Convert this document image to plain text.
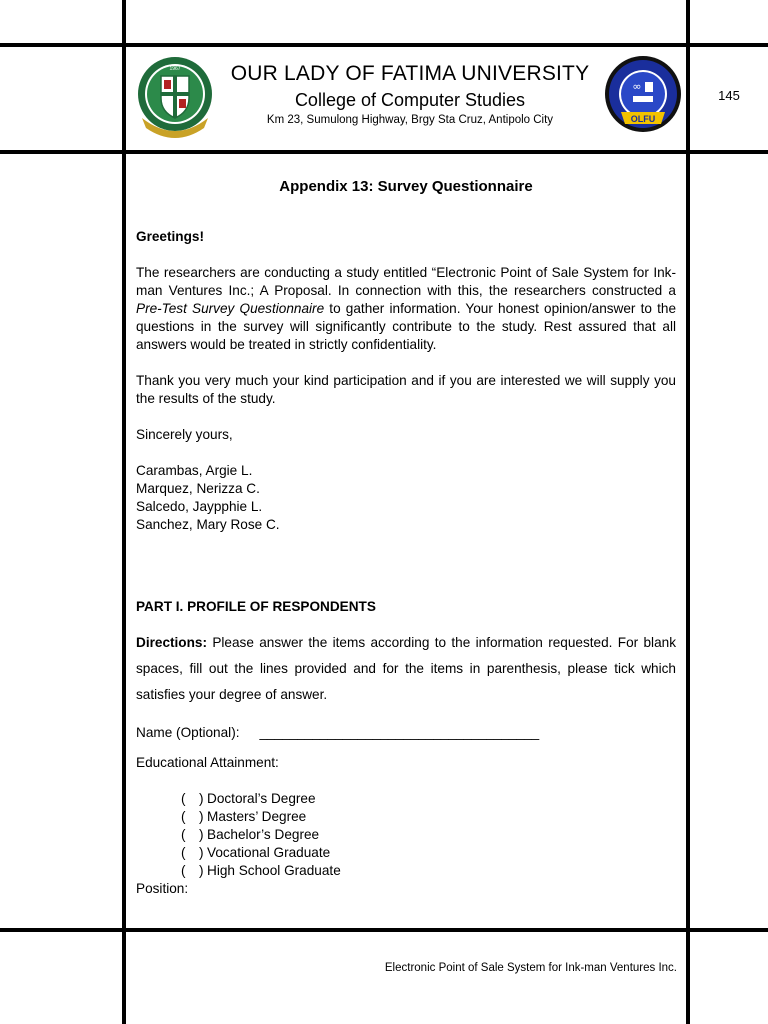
1967	OUR LADY OF FATIMA UNIVERSITY
College of Computer Studies
Km 23, Sumulong Highway, Brgy Sta Cruz, Antipolo City
∞
OLFU
145
Appendix 13: Survey Questionnaire

Greetings!

The researchers are conducting a study entitled “Electronic Point of Sale System for Ink-man Ventures Inc.; A Proposal. In connection with this, the researchers constructed a Pre-Test Survey Questionnaire to gather information. Your honest opinion/answer to the questions in the survey will significantly contribute to the study. Rest assured that all answers would be treated in strictly confidentiality.

Thank you very much your kind participation and if you are interested we will supply you the results of the study.

Sincerely yours,

Carambas, Argie L.
Marquez, Nerizza C.
Salcedo, Jaypphie L.
Sanchez, Mary Rose C.

PART I. PROFILE OF RESPONDENTS

Directions: Please answer the items according to the information requested. For blank spaces, fill out the lines provided and for the items in parenthesis, please tick which satisfies your degree of answer.

Name (Optional): _____________________________________
Educational Attainment:
( ) Doctoral’s Degree
( ) Masters’ Degree
( ) Bachelor’s Degree
( ) Vocational Graduate
( ) High School Graduate
Position:
Electronic Point of Sale System for Ink-man Ventures Inc.
